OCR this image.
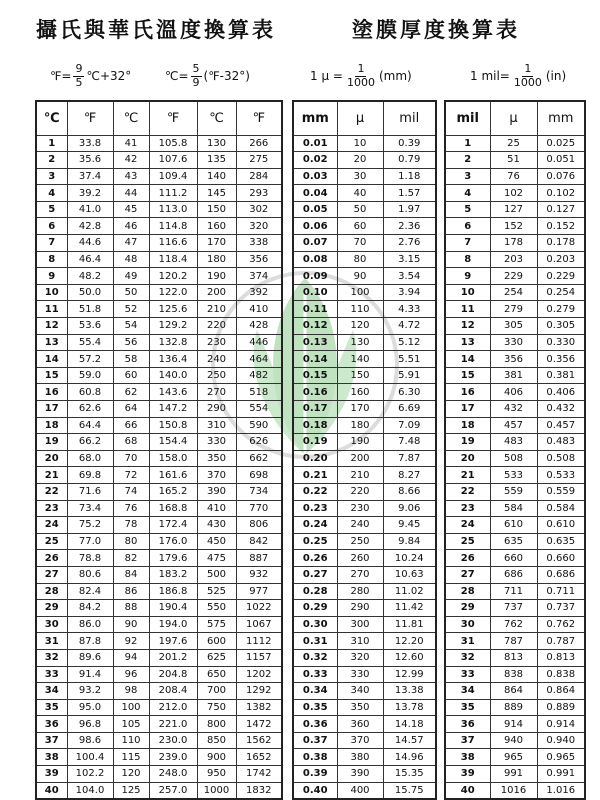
攝氏與華氏溫度換算表	塗膜厚度換算表
℉= $\frac{9}{5}$ ℃+32°	℃= $\frac{5}{9}$ (℉-32°)	1 $\mu = \frac{1}{1000} (mm)$	1 $mil= \frac{1}{1000} (in)$
℃	℉	℃	℉	℃	℉
1	33.8	41	105.8	130	266
2	35.6	42	107.6	135	275
3	37.4	43	109.4	140	284
4	39.2	44	111.2	145	293
5	41.0	45	113.0	150	302
6	42.8	46	114.8	160	320
7	44.6	47	116.6	170	338
8	46.4	48	118.4	180	356
9	48.2	49	120.2	190	374
10	50.0	50	122.0	200	392
11	51.8	52	125.6	210	410
12	53.6	54	129.2	220	428
13	55.4	56	132.8	230	446
14	57.2	58	136.4	240	464
15	59.0	60	140.0	250	482
16	60.8	62	143.6	270	518
17	62.6	64	147.2	290	554
18	64.4	66	150.8	310	590
19	66.2	68	154.4	330	626
20	68.0	70	158.0	350	662
21	69.8	72	161.6	370	698
22	71.6	74	165.2	390	734
23	73.4	76	168.8	410	770
24	75.2	78	172.4	430	806
25	77.0	80	176.0	450	842
26	78.8	82	179.6	475	887
27	80.6	84	183.2	500	932
28	82.4	86	186.8	525	977
29	84.2	88	190.4	550	1022
30	86.0	90	194.0	575	1067
31	87.8	92	197.6	600	1112
32	89.6	94	201.2	625	1157
33	91.4	96	204.8	650	1202
34	93.2	98	208.4	700	1292
35	95.0	100	212.0	750	1382
36	96.8	105	221.0	800	1472
37	98.6	110	230.0	850	1562
38	100.4	115	239.0	900	1652
39	102.2	120	248.0	950	1742
40	104.0	125	257.0	1000	1832
mm	μ	mil
0.01	10	0.39
0.02	20	0.79
0.03	30	1.18
0.04	40	1.57
0.05	50	1.97
0.06	60	2.36
0.07	70	2.76
0.08	80	3.15
0.09	90	3.54
0.10	100	3.94
0.11	110	4.33
0.12	120	4.72
0.13	130	5.12
0.14	140	5.51
0.15	150	5.91
0.16	160	6.30
0.17	170	6.69
0.18	180	7.09
0.19	190	7.48
0.20	200	7.87
0.21	210	8.27
0.22	220	8.66
0.23	230	9.06
0.24	240	9.45
0.25	250	9.84
0.26	260	10.24
0.27	270	10.63
0.28	280	11.02
0.29	290	11.42
0.30	300	11.81
0.31	310	12.20
0.32	320	12.60
0.33	330	12.99
0.34	340	13.38
0.35	350	13.78
0.36	360	14.18
0.37	370	14.57
0.38	380	14.96
0.39	390	15.35
0.40	400	15.75
mil	μ	mm
1	25	0.025
2	51	0.051
3	76	0.076
4	102	0.102
5	127	0.127
6	152	0.152
7	178	0.178
8	203	0.203
9	229	0.229
10	254	0.254
11	279	0.279
12	305	0.305
13	330	0.330
14	356	0.356
15	381	0.381
16	406	0.406
17	432	0.432
18	457	0.457
19	483	0.483
20	508	0.508
21	533	0.533
22	559	0.559
23	584	0.584
24	610	0.610
25	635	0.635
26	660	0.660
27	686	0.686
28	711	0.711
29	737	0.737
30	762	0.762
31	787	0.787
32	813	0.813
33	838	0.838
34	864	0.864
35	889	0.889
36	914	0.914
37	940	0.940
38	965	0.965
39	991	0.991
40	1016	1.016
